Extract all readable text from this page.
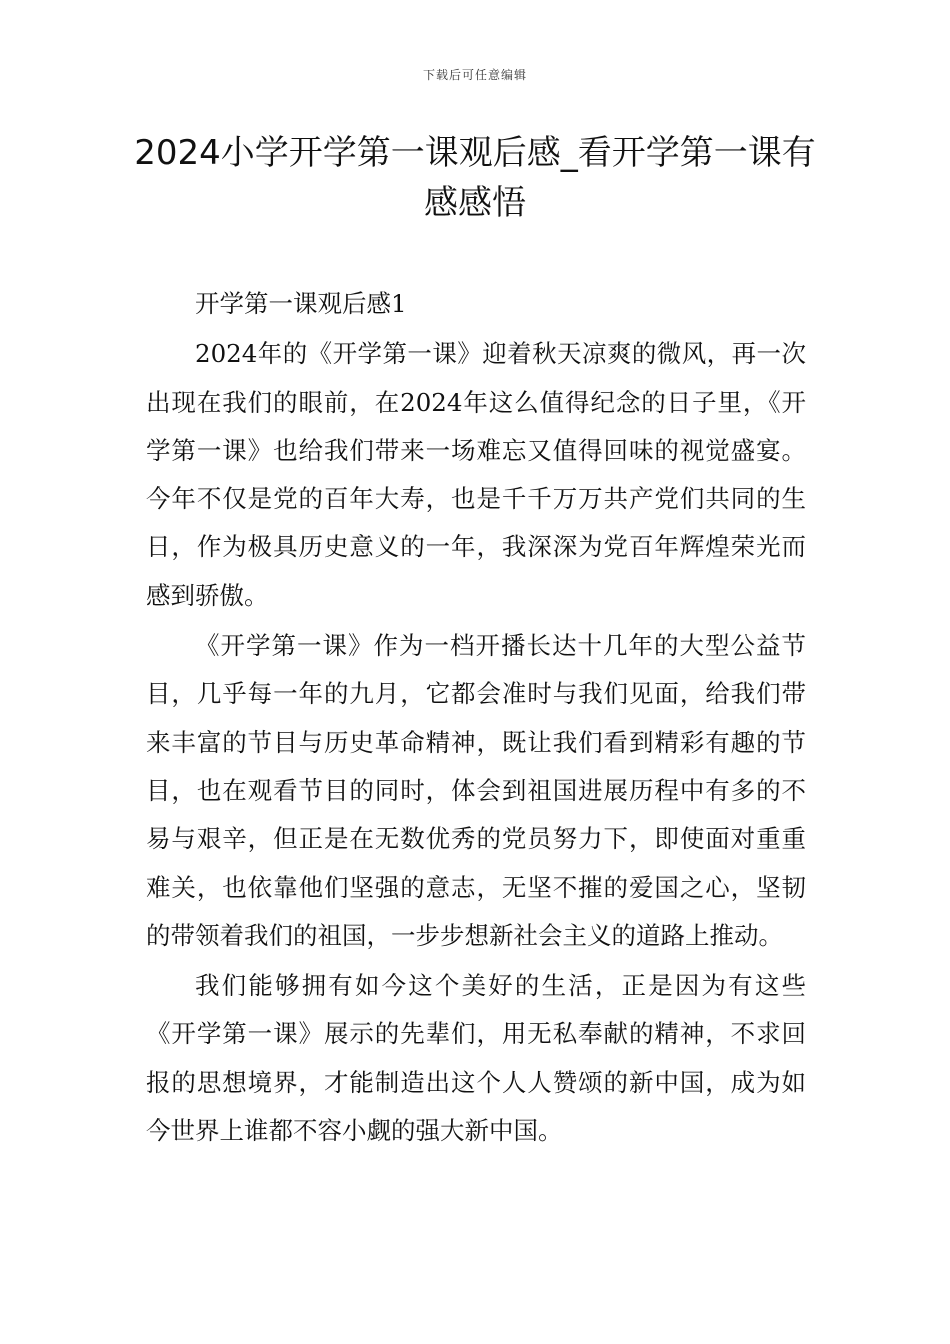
下载后可任意编辑
2024小学开学第一课观后感_看开学第一课有感感悟

开学第一课观后感1

2024年的《开学第一课》迎着秋天凉爽的微风，再一次出现在我们的眼前，在2024年这么值得纪念的日子里，《开学第一课》也给我们带来一场难忘又值得回味的视觉盛宴。今年不仅是党的百年大寿，也是千千万万共产党们共同的生日，作为极具历史意义的一年，我深深为党百年辉煌荣光而感到骄傲。

《开学第一课》作为一档开播长达十几年的大型公益节目，几乎每一年的九月，它都会准时与我们见面，给我们带来丰富的节目与历史革命精神，既让我们看到精彩有趣的节目，也在观看节目的同时，体会到祖国进展历程中有多的不易与艰辛，但正是在无数优秀的党员努力下，即使面对重重难关，也依靠他们坚强的意志，无坚不摧的爱国之心，坚韧的带领着我们的祖国，一步步想新社会主义的道路上推动。

我们能够拥有如今这个美好的生活，正是因为有这些《开学第一课》展示的先辈们，用无私奉献的精神，不求回报的思想境界，才能制造出这个人人赞颂的新中国，成为如今世界上谁都不容小觑的强大新中国。
